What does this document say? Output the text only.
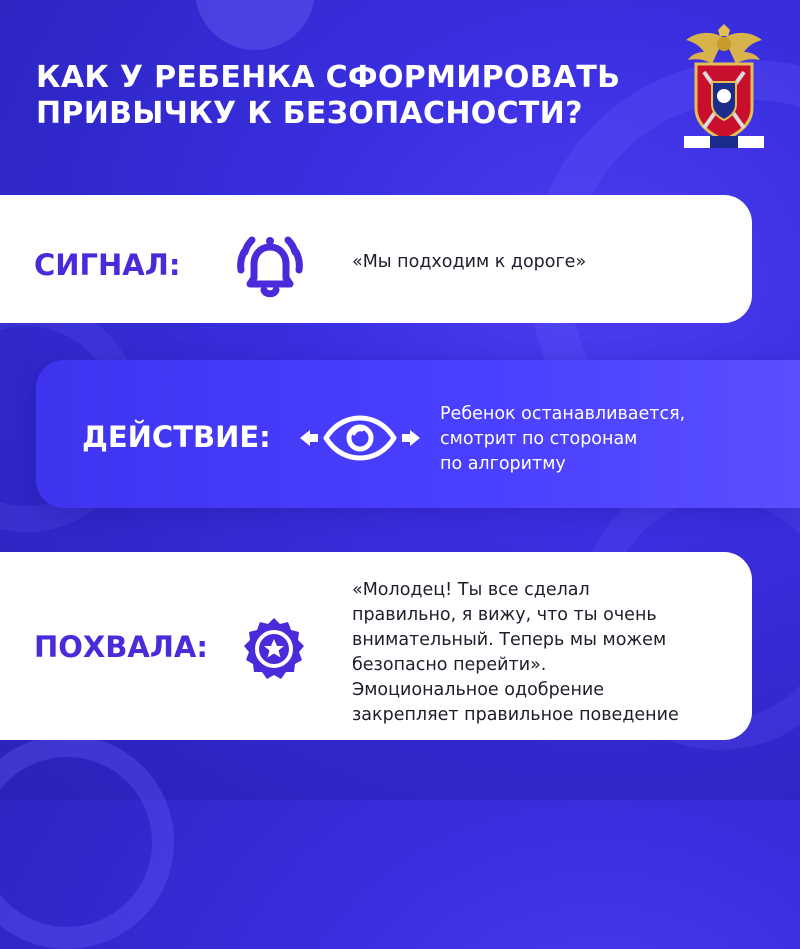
КАК У РЕБЕНКА СФОРМИРОВАТЬ
ПРИВЫЧКУ К БЕЗОПАСНОСТИ?
СИГНАЛ:	«Мы подходим к дороге»
ДЕЙСТВИЕ:
Ребенок останавливается,
смотрит по сторонам
по алгоритму
ПОХВАЛА:
«Молодец! Ты все сделал
правильно, я вижу, что ты очень
внимательный. Теперь мы можем
безопасно перейти».
Эмоциональное одобрение
закрепляет правильное поведение
